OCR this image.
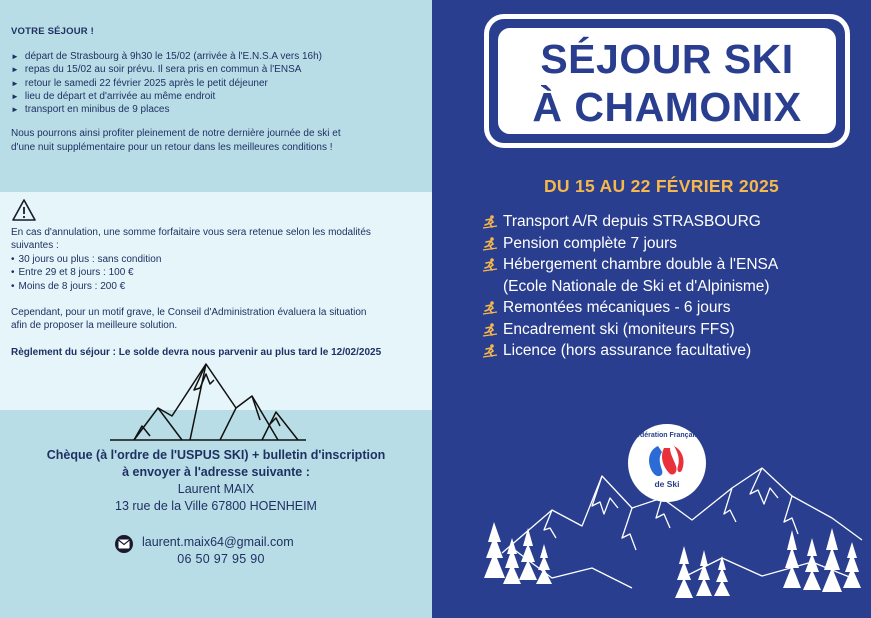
VOTRE SÉJOUR !
► départ de Strasbourg à 9h30 le 15/02 (arrivée à l'E.N.S.A vers 16h)
► repas du 15/02 au soir prévu. Il sera pris en commun à l'ENSA
► retour le samedi 22 février 2025 après le petit déjeuner
► lieu de départ et d'arrivée au même endroit
► transport en minibus de 9 places
Nous pourrons ainsi profiter pleinement de notre dernière journée de ski et
d'une nuit supplémentaire pour un retour dans les meilleures conditions !
En cas d'annulation, une somme forfaitaire vous sera retenue selon les modalités
suivantes :
• 30 jours ou plus : sans condition
• Entre 29 et 8 jours : 100 €
• Moins de 8 jours : 200 €
Cependant, pour un motif grave, le Conseil d'Administration évaluera la situation
afin de proposer la meilleure solution.
Règlement du séjour : Le solde devra nous parvenir au plus tard le 12/02/2025
Chèque (à l'ordre de l'USPUS SKI) + bulletin d'inscription
à envoyer à l'adresse suivante :
Laurent MAIX
13 rue de la Ville 67800 HOENHEIM
laurent.maix64@gmail.com
06 50 97 95 90
SÉJOUR SKI
À CHAMONIX
DU 15 AU 22 FÉVRIER 2025
Transport A/R depuis STRASBOURG
Pension complète 7 jours
Hébergement chambre double à l'ENSA
(Ecole Nationale de Ski et d'Alpinisme)
Remontées mécaniques - 6 jours
Encadrement ski (moniteurs FFS)
Licence (hors assurance facultative)
Fédération Française
de Ski
